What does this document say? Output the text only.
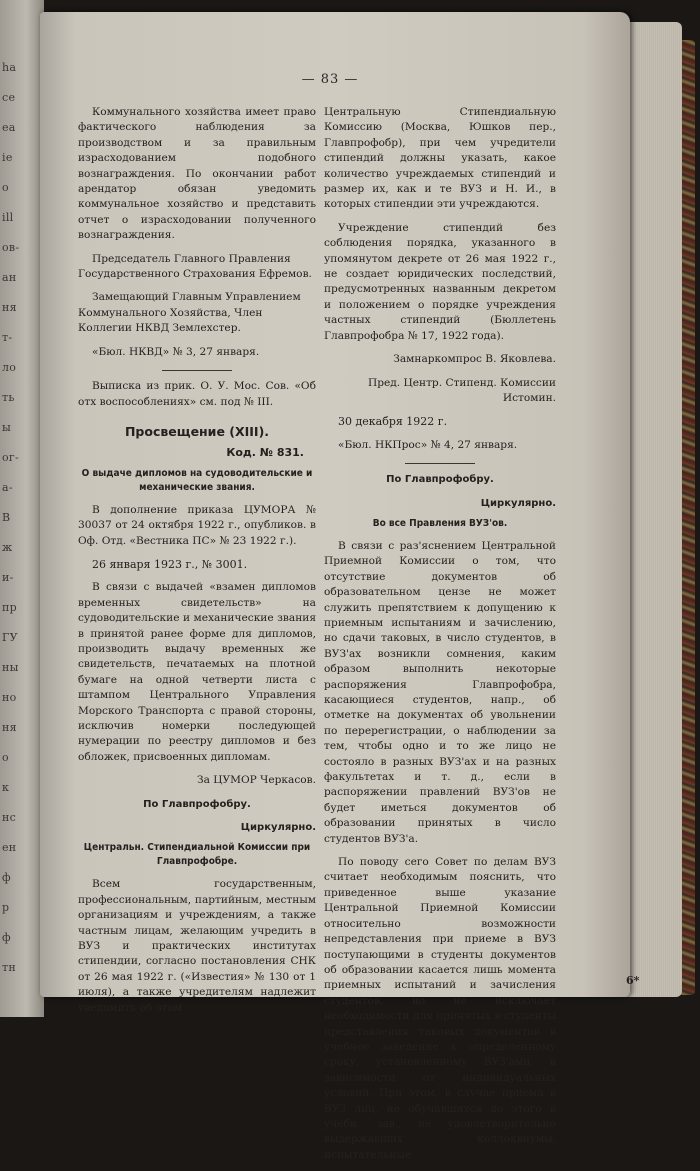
ha
ce
ea
ie
o
ill
ов-
ан
ня
т-
ло
ть
ы
ог-
а-
В
ж
и-
пр
ГУ
ны
но
ня
о
к
нс
ен
ф
р
ф
тн
— 83 —

Коммунального хозяйства имеет право фактического наблюдения за производством и за правильным израсходованием подобного вознаграждения. По окончании работ арендатор обязан уведомить коммунальное хозяйство и представить отчет о израсходовании полученного вознаграждения.

Председатель Главного Правления Государственного Страхования Ефремов.

Замещающий Главным Управлением Коммунального Хозяйства, Член Коллегии НКВД Землехстер.

«Бюл. НКВД» № 3, 27 января.

Выписка из прик. О. У. Мос. Сов. «Об отх воспособлениях» см. под № III.

Просвещение (XIII).
Код. № 831.
О выдаче дипломов на судоводительские и механические звания.

В дополнение приказа ЦУМОРА № 30037 от 24 октября 1922 г., опубликов. в Оф. Отд. «Вестника ПС» № 23 1922 г.).

26 января 1923 г., № 3001.

В связи с выдачей «взамен дипломов временных свидетельств» на судоводительские и механические звания в принятой ранее форме для дипломов, производить выдачу временных же свидетельств, печатаемых на плотной бумаге на одной четверти листа с штампом Центрального Управления Морского Транспорта с правой стороны, исключив номерки последующей нумерации по реестру дипломов и без обложек, присвоенных дипломам.

За ЦУМОР Черкасов.

По Главпрофобру.
Циркулярно.
Центральн. Стипендиальной Комиссии при Главпрофобре.

Всем государственным, профессиональным, партийным, местным организациям и учреждениям, а также частным лицам, желающим учредить в ВУЗ и практических институтах стипендии, согласно постановления СНК от 26 мая 1922 г. («Известия» № 130 от 1 июля), а также учредителям надлежит уведомить об этом

Центральную Стипендиальную Комиссию (Москва, Юшков пер., Главпрофобр), при чем учредители стипендий должны указать, какое количество учреждаемых стипендий и размер их, как и те ВУЗ и Н. И., в которых стипендии эти учреждаются.

Учреждение стипендий без соблюдения порядка, указанного в упомянутом декрете от 26 мая 1922 г., не создает юридических последствий, предусмотренных названным декретом и положением о порядке учреждения частных стипендий (Бюллетень Главпрофобра № 17, 1922 года).

Замнаркомпрос В. Яковлева.

Пред. Центр. Стипенд. Комиссии Истомин.

30 декабря 1922 г.

«Бюл. НКПрос» № 4, 27 января.

По Главпрофобру.
Циркулярно.
Во все Правления ВУЗ'ов.

В связи с раз'яснением Центральной Приемной Комиссии о том, что отсутствие документов об образовательном цензе не может служить препятствием к допущению к приемным испытаниям и зачислению, но сдачи таковых, в число студентов, в ВУЗ'ах возникли сомнения, каким образом выполнить некоторые распоряжения Главпрофобра, касающиеся студентов, напр., об отметке на документах об увольнении по перерегистрации, о наблюдении за тем, чтобы одно и то же лицо не состояло в разных ВУЗ'ах и на разных факультетах и т. д., если в распоряжении правлений ВУЗ'ов не будет иметься документов об образовании принятых в число студентов ВУЗ'а.

По поводу сего Совет по делам ВУЗ считает необходимым пояснить, что приведенное выше указание Центральной Приемной Комиссии относительно возможности непредставления при приеме в ВУЗ поступающими в студенты документов об образовании касается лишь момента приемных испытаний и зачисления студентов, но не исключает необходимости для принятых в студенты представления таковых документов в учебное заведение к определенному сроку, установленному ВУЗ'ами, в зависимости от индивидуальных условий. При этом, в случае приема в ВУЗ лиц, не обучавшихся до этого в учебн. зав., не удовлетворительно выдержавших коллоквиумы, испытательные

6*
